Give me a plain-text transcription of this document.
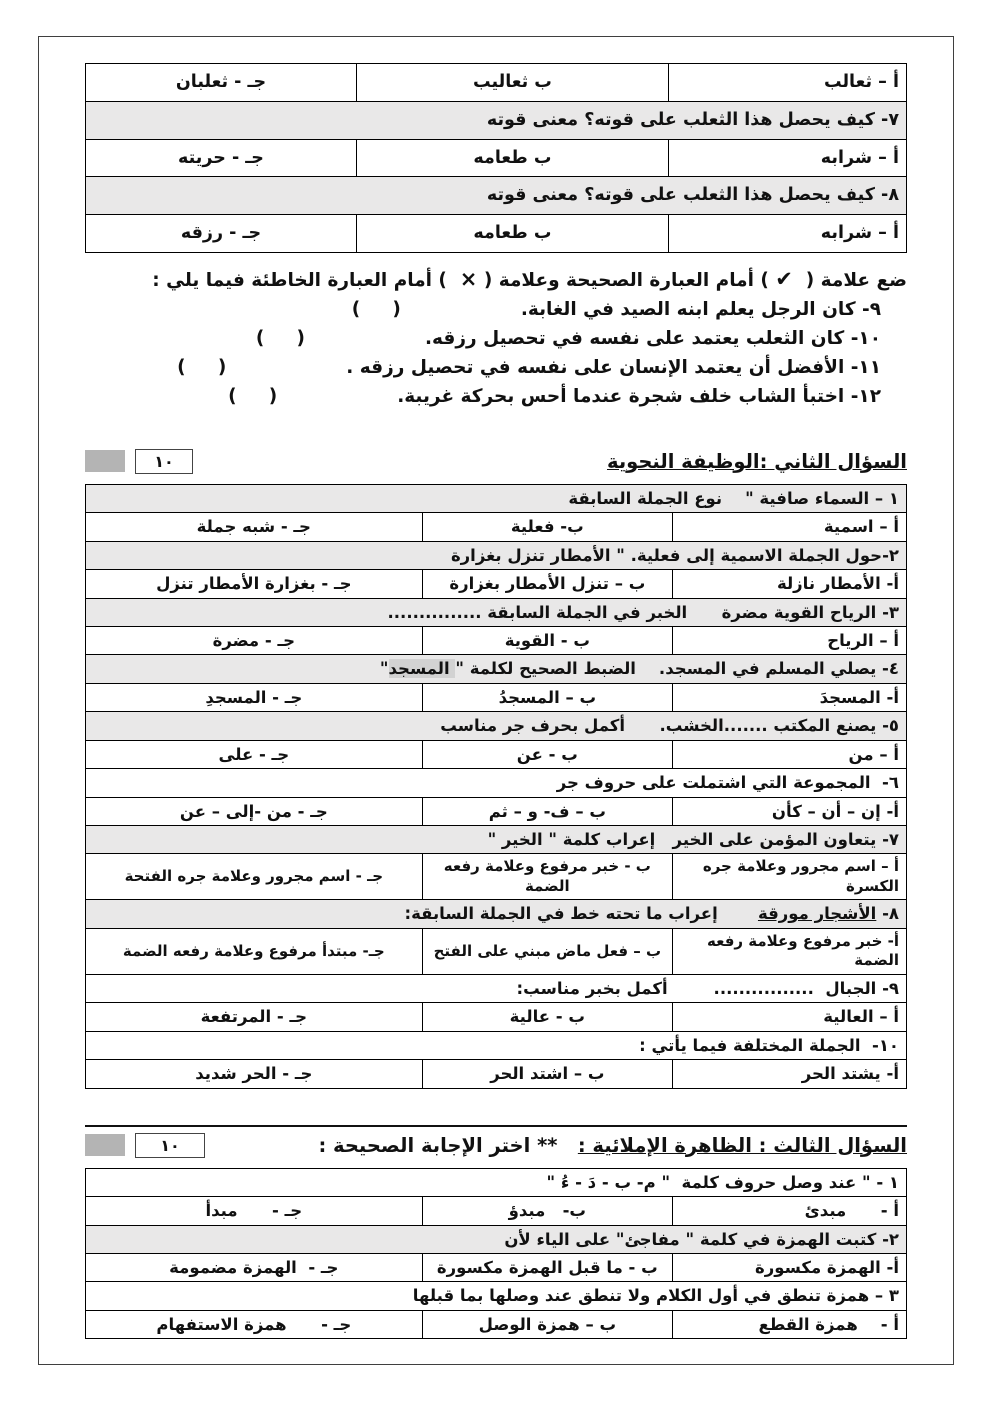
أ – ثعالب	ب ثعاليب	جـ - ثعلبان
٧- كيف يحصل هذا الثعلب على قوته؟ معنى قوته		
أ – شرابه	ب طعامه	جـ - حريته
٨- كيف يحصل هذا الثعلب على قوته؟ معنى قوته		
أ – شرابه	ب طعامه	جـ - رزقه
ضع علامة (  ✔ ) أمام العبارة الصحيحة وعلامة ( ×  ) أمام العبارة الخاطئة فيما يلي :
٩- كان الرجل يعلم ابنه الصيد في الغابة.
(     )
١٠- كان الثعلب يعتمد على نفسه في تحصيل رزقه.
(     )
١١- الأفضل أن يعتمد الإنسان على نفسه في تحصيل رزقه .
(     )
١٢- اختبأ الشاب خلف شجرة عندما أحس بحركة غريبة.
(     )
السؤال الثاني :الوظيفة النحوية
١٠
١ – السماء صافية "    نوع الجملة السابقة		
أ – اسمية	ب- فعلية	جـ - شبه جملة
٢-حول الجملة الاسمية إلى فعلية. " الأمطار تنزل بغزارة		
أ- الأمطار نازلة	ب – تنزل الأمطار بغزارة	جـ - بغزارة الأمطار تنزل
٣- الرياح القوية مضرة      الخبر في الجملة السابقة ...............		
أ – الرياح	ب - القوية	جـ - مضرة
٤- يصلي المسلم في المسجد.    الضبط الصحيح لكلمة " المسجد"		
أ- المسجدَ	ب – المسجدُ	جـ - المسجدِ
٥- يصنع المكتب .......الخشب.      أكمل بحرف جر مناسب		
أ – من	ب - عن	جـ - على
٦-  المجموعة التي اشتملت على حروف جر		
أ- إن – أن – كأن	ب – ف- و – ثم	جـ - من -إلى – عن
٧- يتعاون المؤمن على الخير   إعراب كلمة " الخير "		
أ – اسم مجرور وعلامة جره الكسرة	ب - خبر مرفوع وعلامة رفعه الضمة	جـ - اسم مجرور وعلامة جره الفتحة
٨- الأشجار مورقة       إعراب ما تحته خط في الجملة السابقة:		
أ- خبر مرفوع وعلامة رفعه الضمة	ب – فعل ماض مبني على الفتح	جـ- مبتدأ مرفوع وعلامة رفعه الضمة
٩- الجبال  ................        أكمل بخبر مناسب:		
أ – العالية	ب - عالية	جـ - المرتفعة
١٠-  الجملة المختلفة فيما يأتي :		
أ- يشتد الحر	ب – اشتد الحر	جـ - الحر شديد
السؤال الثالث : الظاهرة الإملائية :   ** اختر الإجابة الصحيحة :
١٠
١ - " عند وصل حروف كلمة  " م- ب - دَ - ءُ "		
أ -      مبدئ	ب-   مبدؤ	جـ -      مبدأ
٢- كتبت الهمزة في كلمة " مفاجئ" على الياء لأن		
أ- الهمزة مكسورة	ب - ما قبل الهمزة مكسورة	جـ -  الهمزة مضمومة
٣ – همزة تنطق في أول الكلام ولا تنطق عند وصلها بما قبلها		
أ -    همزة القطع	ب – همزة الوصل	جـ -      همزة الاستفهام
